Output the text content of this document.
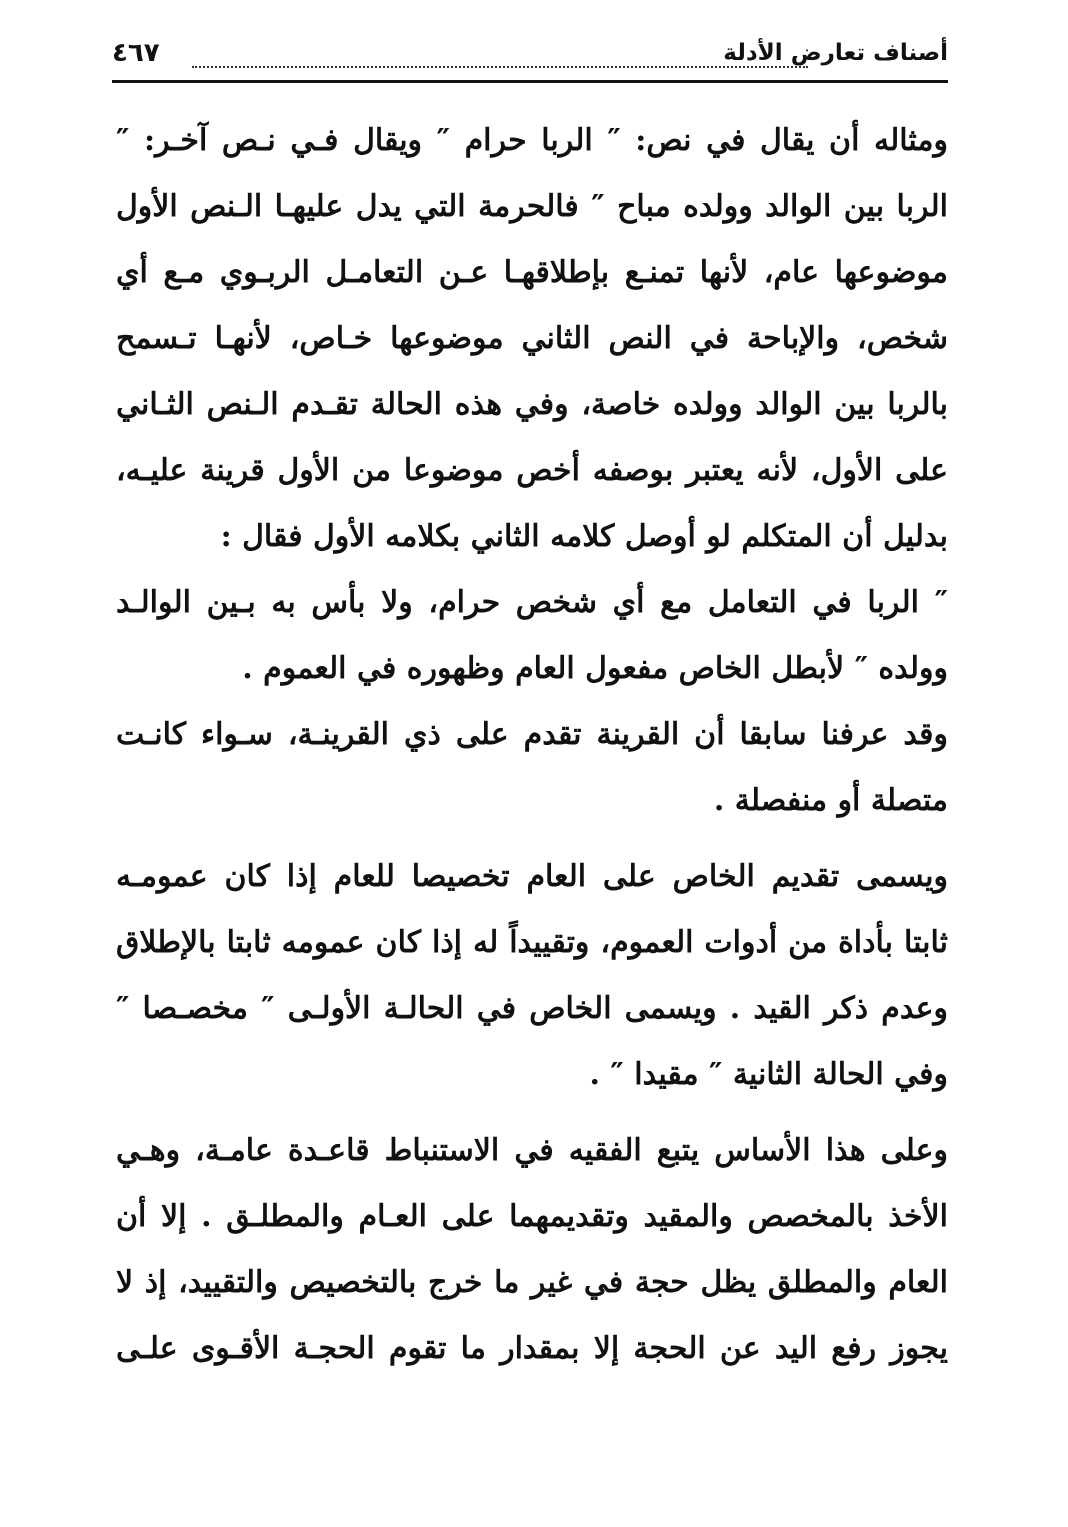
أصناف تعارض الأدلة
٤٦٧

ومثاله أن يقال في نص: ″ الربا حرام ″ ويقال فـي نـص آخـر: ″
الربا بين الوالد وولده مباح ″ فالحرمة التي يدل عليهـا الـنص الأول
موضوعها عام، لأنها تمنـع بإطلاقهـا عـن التعامـل الربـوي مـع أي
شخص، والإباحة في النص الثاني موضوعها خـاص، لأنهـا تـسمح
بالربا بين الوالد وولده خاصة، وفي هذه الحالة تقـدم الـنص الثـاني
على الأول، لأنه يعتبر بوصفه أخص موضوعا من الأول قرينة عليـه،
بدليل أن المتكلم لو أوصل كلامه الثاني بكلامه الأول فقال :

″ الربا في التعامل مع أي شخص حرام، ولا بأس به بـين الوالـد
وولده ″ لأبطل الخاص مفعول العام وظهوره في العموم .

وقد عرفنا سابقا أن القرينة تقدم على ذي القرينـة، سـواء كانـت
متصلة أو منفصلة .

ويسمى تقديم الخاص على العام تخصيصا للعام إذا كان عمومـه
ثابتا بأداة من أدوات العموم، وتقييداً له إذا كان عمومه ثابتا بالإطلاق
وعدم ذكر القيد . ويسمى الخاص في الحالـة الأولـى ″ مخصـصا ″
وفي الحالة الثانية ″ مقيدا ″ .

وعلى هذا الأساس يتبع الفقيه في الاستنباط قاعـدة عامـة، وهـي
الأخذ بالمخصص والمقيد وتقديمهما على العـام والمطلـق . إلا أن
العام والمطلق يظل حجة في غير ما خرج بالتخصيص والتقييد، إذ لا
يجوز رفع اليد عن الحجة إلا بمقدار ما تقوم الحجـة الأقـوى علـى
